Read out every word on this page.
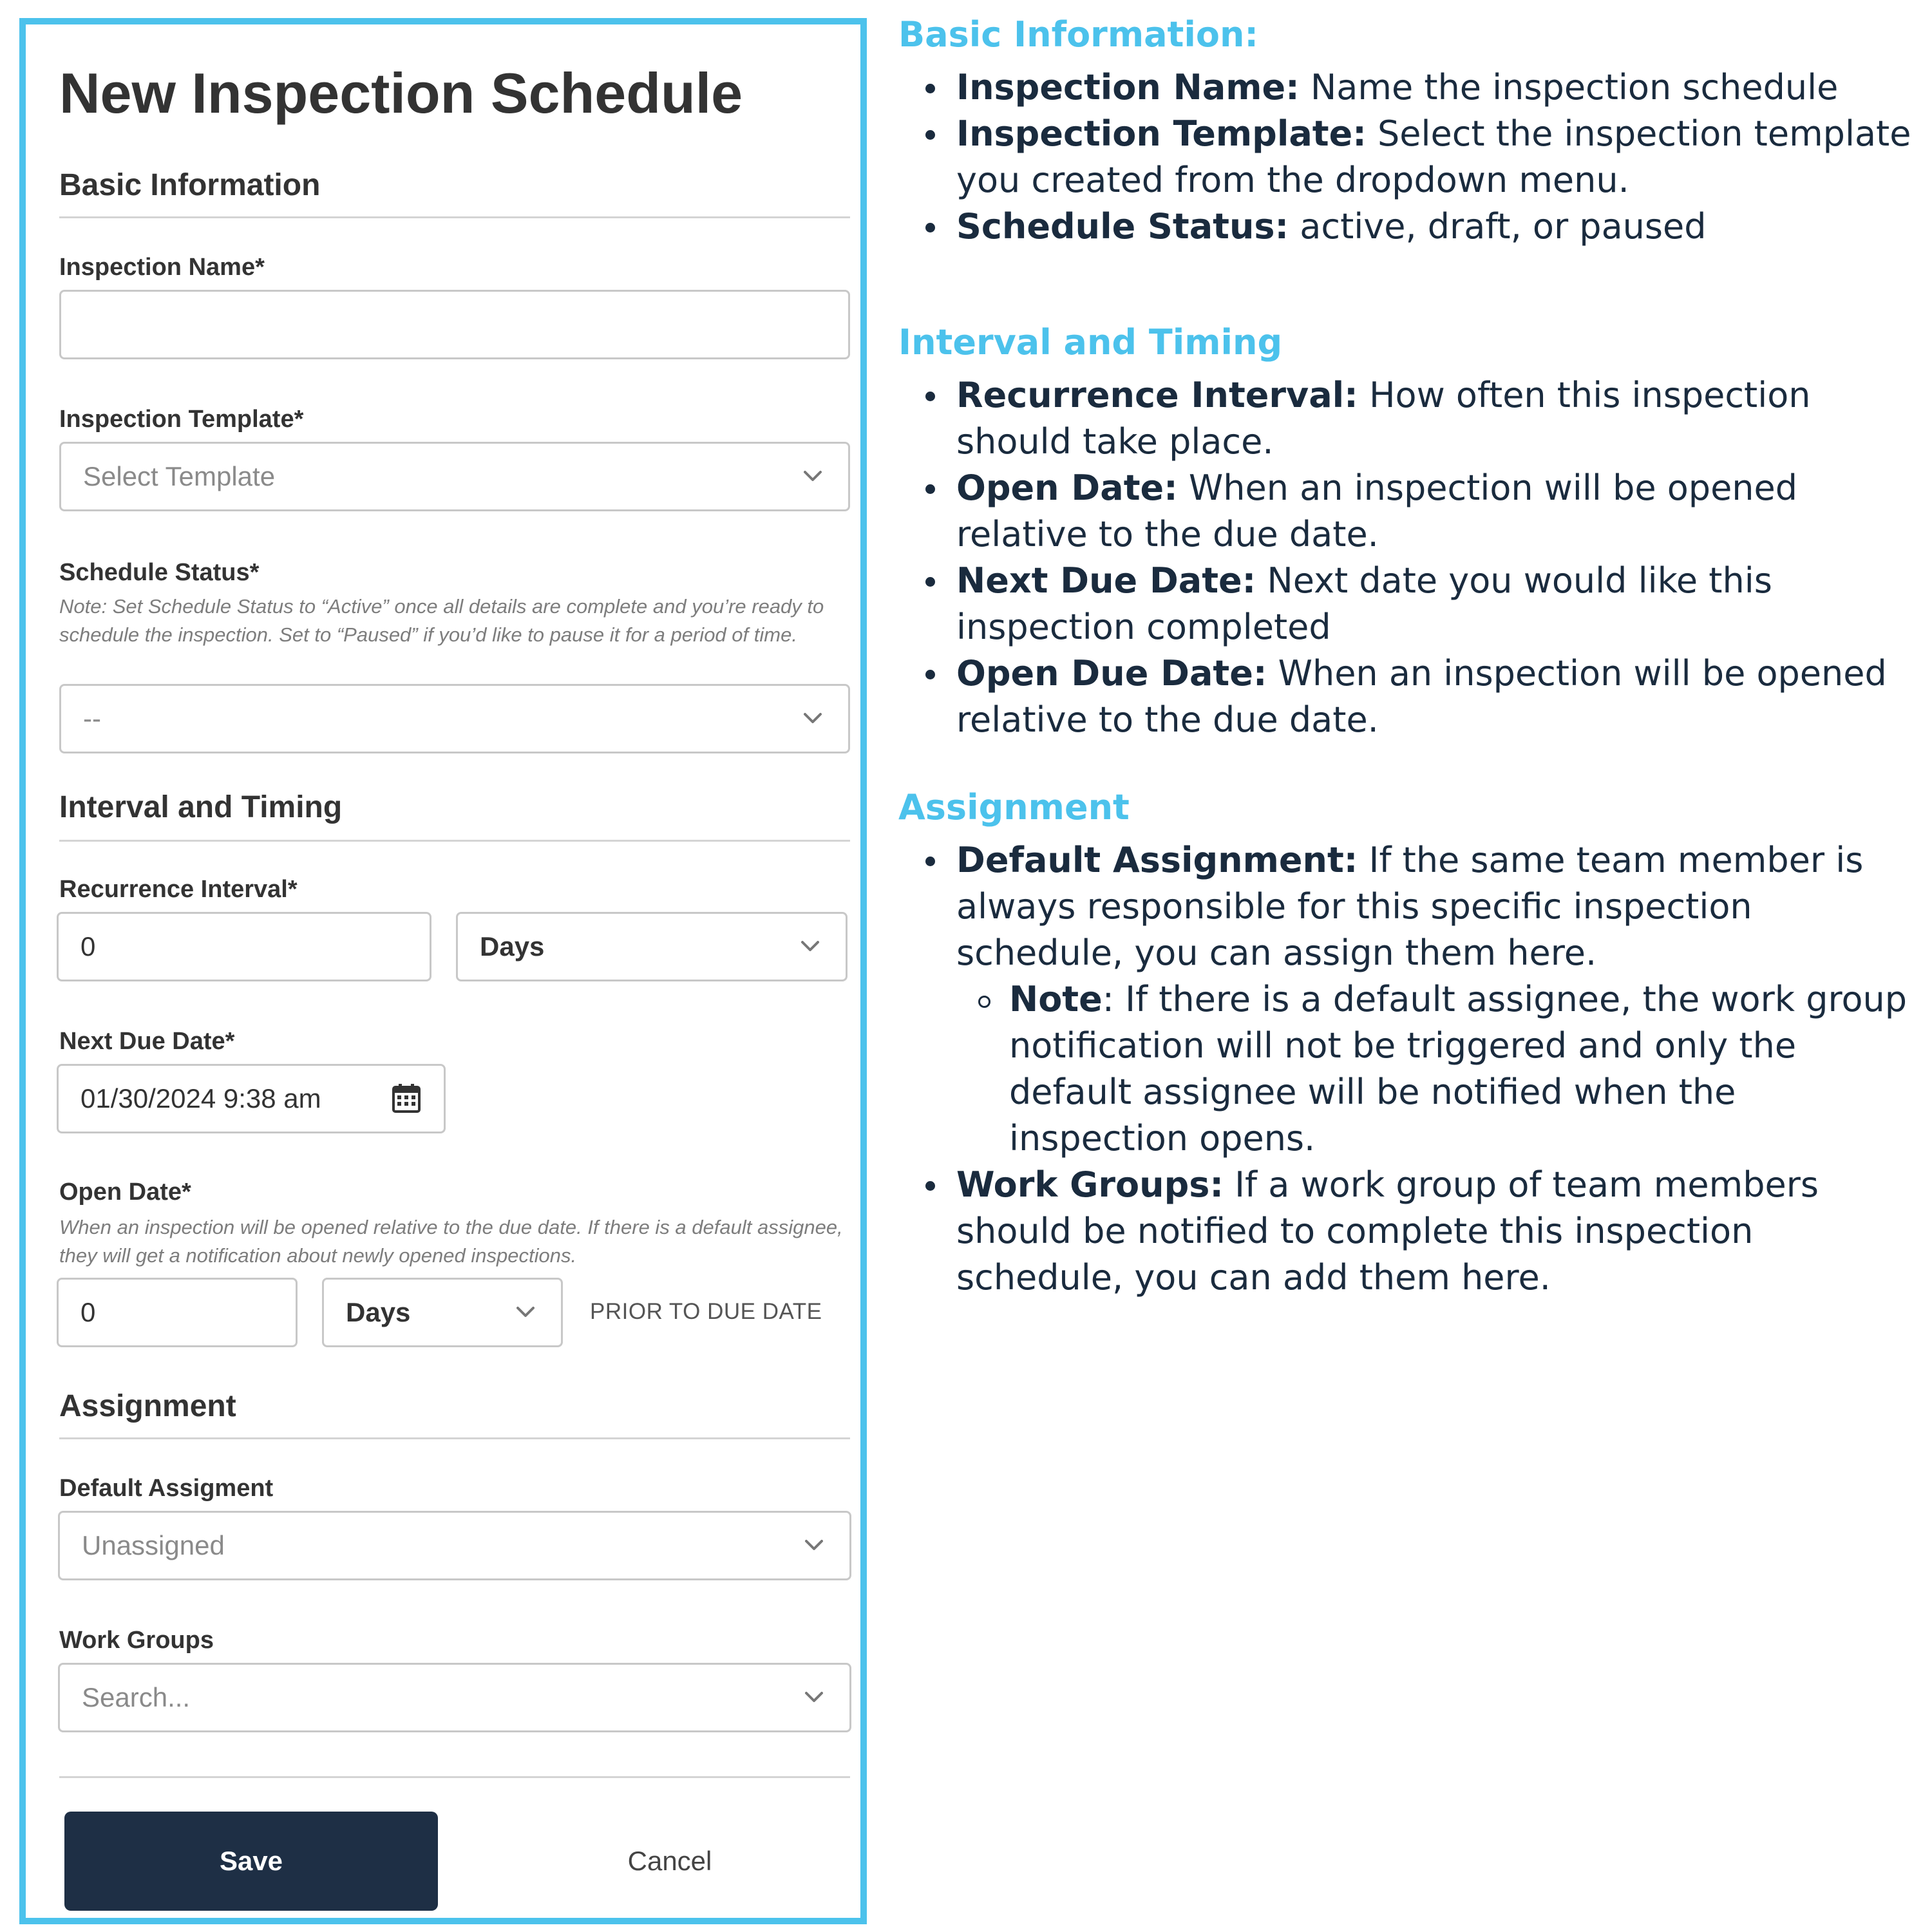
New Inspection Schedule
Basic Information
Inspection Name*
Inspection Template*
Select Template
Schedule Status*
Note: Set Schedule Status to “Active” once all details are complete and you’re ready to schedule the inspection. Set to “Paused” if you’d like to pause it for a period of time.
--
Interval and Timing
Recurrence Interval*
0	Days
Next Due Date*
01/30/2024 9:38 am
Open Date*
When an inspection will be opened relative to the due date. If there is a default assignee, they will get a notification about newly opened inspections.
0	Days	PRIOR TO DUE DATE
Assignment
Default Assigment
Unassigned
Work Groups
Search...
Save	Cancel
Basic Information:
Inspection Name: Name the inspection schedule
Inspection Template: Select the inspection template you created from the dropdown menu.
Schedule Status: active, draft, or paused
Interval and Timing
Recurrence Interval: How often this inspection should take place.
Open Date: When an inspection will be opened relative to the due date.
Next Due Date: Next date you would like this inspection completed
Open Due Date: When an inspection will be opened relative to the due date.
Assignment
Default Assignment: If the same team member is always responsible for this specific inspection schedule, you can assign them here.
Note: If there is a default assignee, the work group notification will not be triggered and only the default assignee will be notified when the inspection opens.
Work Groups: If a work group of team members should be notified to complete this inspection schedule, you can add them here.
